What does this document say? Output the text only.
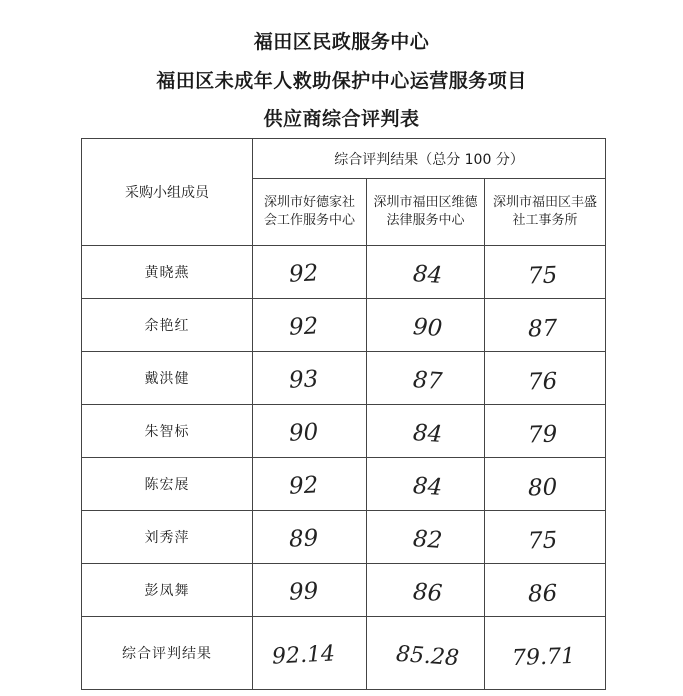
福田区民政服务中心
福田区未成年人救助保护中心运营服务项目
供应商综合评判表
采购小组成员	综合评判结果（总分 100 分）		
	深圳市好德家社会工作服务中心	深圳市福田区维德法律服务中心	深圳市福田区丰盛社工事务所
黄晓燕	92	84	75
余艳红	92	90	87
戴洪健	93	87	76
朱智标	90	84	79
陈宏展	92	84	80
刘秀萍	89	82	75
彭凤舞	99	86	86
综合评判结果	92.14	85.28	79.71
